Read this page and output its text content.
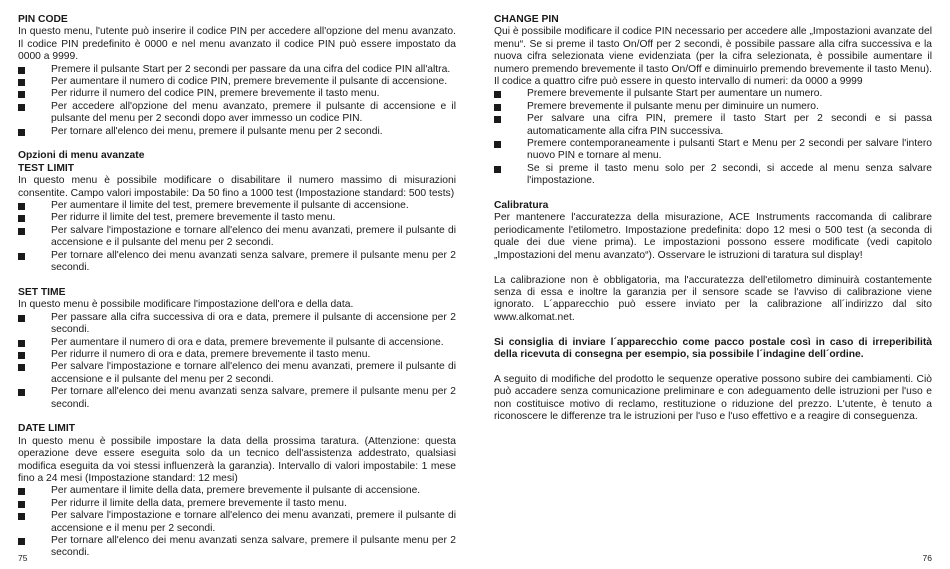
PIN CODE

In questo menu, l'utente può inserire il codice PIN per accedere all'opzione del menu avanzato. Il codice PIN predefinito è 0000 e nel menu avanzato il codice PIN può essere impostato da 0000 a 9999.

Premere il pulsante Start per 2 secondi per passare da una cifra del codice PIN all'altra.
Per aumentare il numero di codice PIN, premere brevemente il pulsante di accensione.
Per ridurre il numero del codice PIN, premere brevemente il tasto menu.
Per accedere all'opzione del menu avanzato, premere il pulsante di accensione e il pulsante del menu per 2 secondi dopo aver immesso un codice PIN.
Per tornare all'elenco dei menu, premere il pulsante menu per 2 secondi.
Opzioni di menu avanzate
TEST LIMIT

In questo menu è possibile modificare o disabilitare il numero massimo di misurazioni consentite. Campo valori impostabile: Da 50 fino a 1000 test (Impostazione standard: 500 tests)

Per aumentare il limite del test, premere brevemente il pulsante di accensione.
Per ridurre il limite del test, premere brevemente il tasto menu.
Per salvare l'impostazione e tornare all'elenco dei menu avanzati, premere il pulsante di accensione e il pulsante del menu per 2 secondi.
Per tornare all'elenco dei menu avanzati senza salvare, premere il pulsante menu per 2 secondi.
SET TIME

In questo menu è possibile modificare l'impostazione dell'ora e della data.

Per passare alla cifra successiva di ora e data, premere il pulsante di accensione per 2 secondi.
Per aumentare il numero di ora e data, premere brevemente il pulsante di accensione.
Per ridurre il numero di ora e data, premere brevemente il tasto menu.
Per salvare l'impostazione e tornare all'elenco dei menu avanzati, premere il pulsante di accensione e il pulsante del menu per 2 secondi.
Per tornare all'elenco dei menu avanzati senza salvare, premere il pulsante menu per 2 secondi.
DATE LIMIT

In questo menu è possibile impostare la data della prossima taratura. (Attenzione: questa operazione deve essere eseguita solo da un tecnico dell'assistenza addestrato, qualsiasi modifica eseguita da voi stessi influenzerà la garanzia). Intervallo di valori impostabile: 1 mese fino a 24 mesi (Impostazione standard: 12 mesi)

Per aumentare il limite della data, premere brevemente il pulsante di accensione.
Per ridurre il limite della data, premere brevemente il tasto menu.
Per salvare l'impostazione e tornare all'elenco dei menu avanzati, premere il pulsante di accensione e il menu per 2 secondi.
Per tornare all'elenco dei menu avanzati senza salvare, premere il pulsante menu per 2 secondi.
75
CHANGE PIN

Qui è possibile modificare il codice PIN necessario per accedere alle „Impostazioni avanzate del menu“. Se si preme il tasto On/Off per 2 secondi, è possibile passare alla cifra successiva e la nuova cifra selezionata viene evidenziata (per la cifra selezionata, è possibile aumentare il numero premendo brevemente il tasto On/Off e diminuirlo premendo brevemente il tasto Menu). Il codice a quattro cifre può essere in questo intervallo di numeri: da 0000 a 9999

Premere brevemente il pulsante Start per aumentare un numero.
Premere brevemente il pulsante menu per diminuire un numero.
Per salvare una cifra PIN, premere il tasto Start per 2 secondi e si passa automaticamente alla cifra PIN successiva.
Premere contemporaneamente i pulsanti Start e Menu per 2 secondi per salvare l'intero nuovo PIN e tornare al menu.
Se si preme il tasto menu solo per 2 secondi, si accede al menu senza salvare l'impostazione.
Calibratura

Per mantenere l'accuratezza della misurazione, ACE Instruments raccomanda di calibrare periodicamente l'etilometro. Impostazione predefinita: dopo 12 mesi o 500 test (a seconda di quale dei due viene prima). Le impostazioni possono essere modificate (vedi capitolo „Impostazioni del menu avanzato“). Osservare le istruzioni di taratura sul display!

La calibrazione non è obbligatoria, ma l'accuratezza dell'etilometro diminuirà costantemente senza di essa e inoltre la garanzia per il sensore scade se l'avviso di calibrazione viene ignorato. L´apparecchio può essere inviato per la calibrazione all´indirizzo dal sito www.alkomat.net.

Si consiglia di inviare l´apparecchio come pacco postale così in caso di irreperibilità della ricevuta di consegna per esempio, sia possibile l´indagine dell´ordine.

A seguito di modifiche del prodotto le sequenze operative possono subire dei cambiamenti. Ciò può accadere senza comunicazione preliminare e con adeguamento delle istruzioni per l'uso e non costituisce motivo di reclamo, restituzione o riduzione del prezzo. L'utente, è tenuto a riconoscere le differenze tra le istruzioni per l'uso e l'uso effettivo e a reagire di conseguenza.

76
